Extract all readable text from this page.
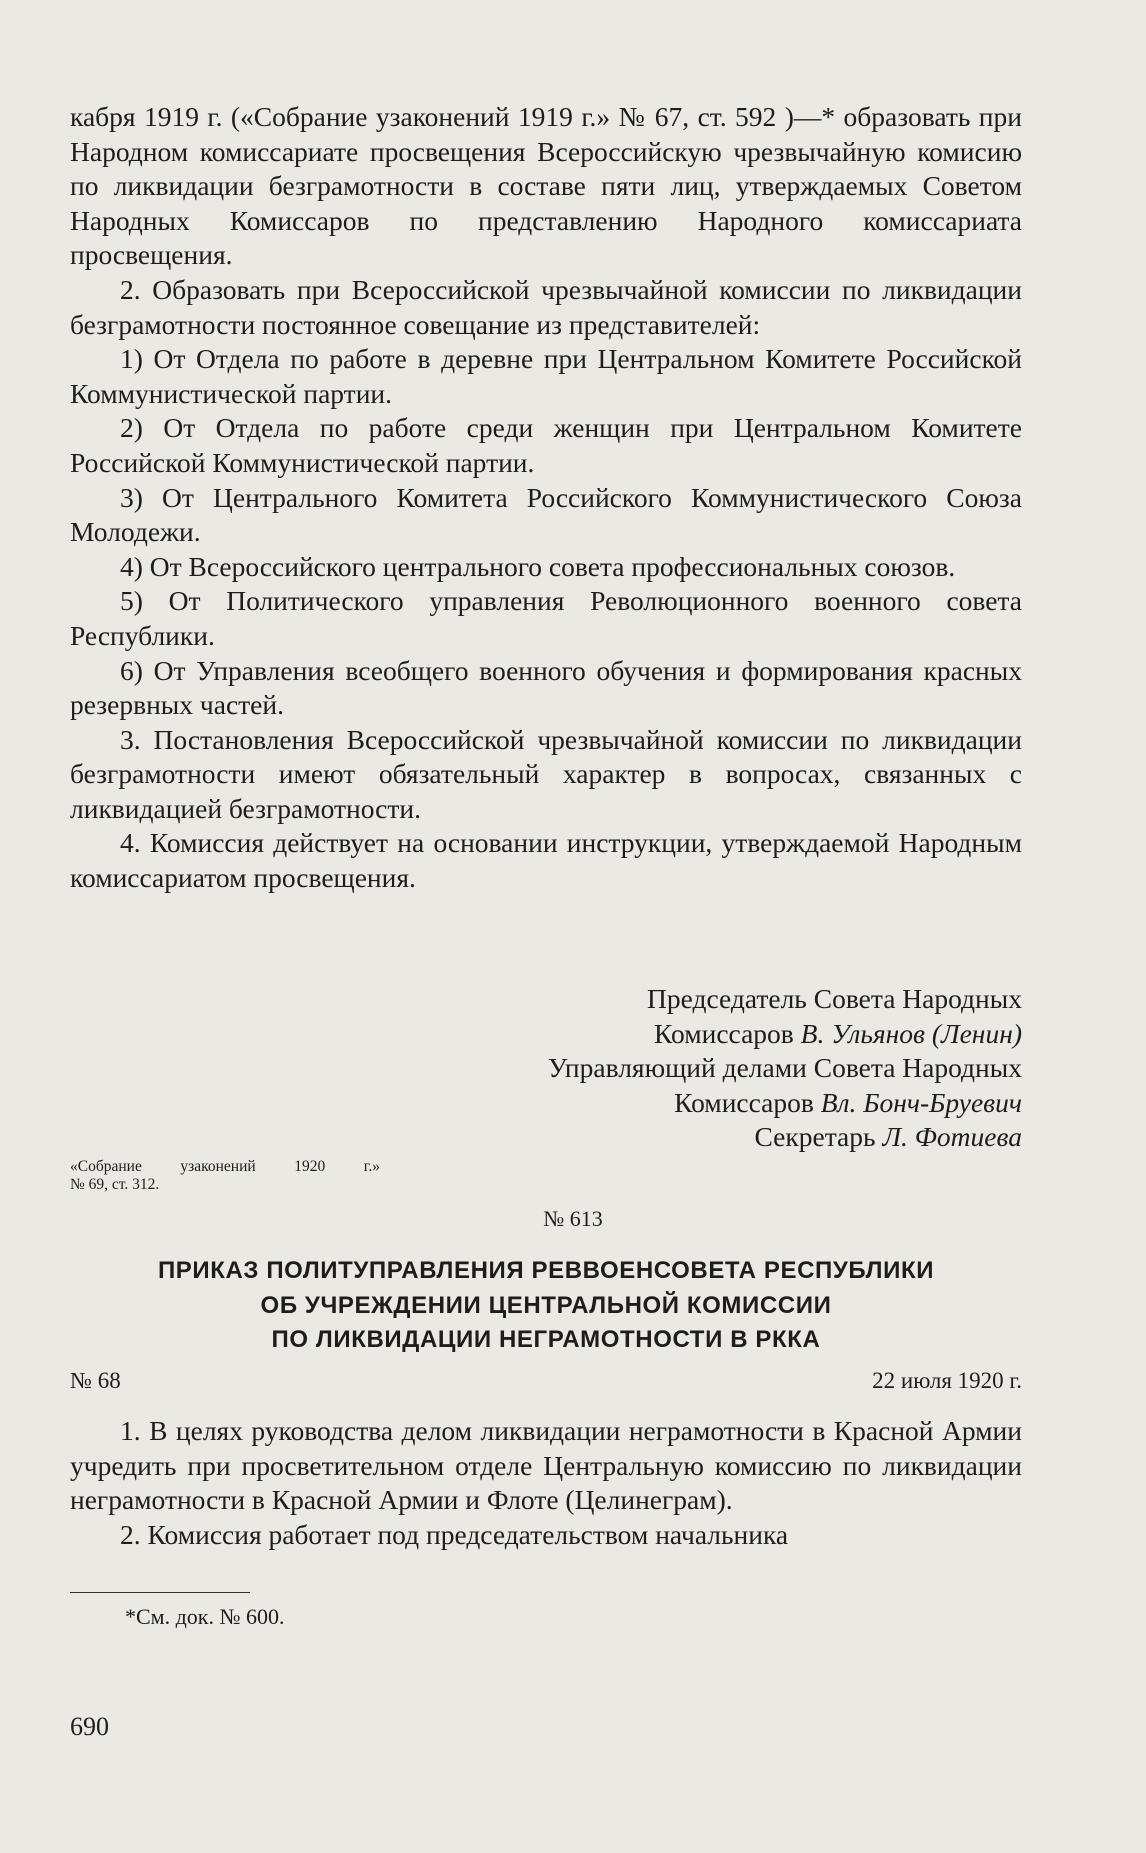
кабря 1919 г. («Собрание узаконений 1919 г.» № 67, ст. 592 )—* образовать при Народном комиссариате просвещения Всероссийскую чрезвычайную комисию по ликвидации безграмотности в составе пяти лиц, утверждаемых Советом Народных Комиссаров по представлению Народного комиссариата просвещения.

2. Образовать при Всероссийской чрезвычайной комиссии по ликвидации безграмотности постоянное совещание из представителей:

1) От Отдела по работе в деревне при Центральном Комитете Российской Коммунистической партии.

2) От Отдела по работе среди женщин при Центральном Комитете Российской Коммунистической партии.

3) От Центрального Комитета Российского Коммунистического Союза Молодежи.

4) От Всероссийского центрального совета профессиональных союзов.

5) От Политического управления Революционного военного совета Республики.

6) От Управления всеобщего военного обучения и формирования красных резервных частей.

3. Постановления Всероссийской чрезвычайной комиссии по ликвидации безграмотности имеют обязательный характер в вопросах, связанных с ликвидацией безграмотности.

4. Комиссия действует на основании инструкции, утверждаемой Народным комиссариатом просвещения.

Председатель Совета Народных
Комиссаров В. Ульянов (Ленин)
Управляющий делами Совета Народных
Комиссаров Вл. Бонч-Бруевич
Секретарь Л. Фотиева
«Собрание узаконений 1920 г.»
№ 69, ст. 312.
№ 613
ПРИКАЗ ПОЛИТУПРАВЛЕНИЯ РЕВВОЕНСОВЕТА РЕСПУБЛИКИ
ОБ УЧРЕЖДЕНИИ ЦЕНТРАЛЬНОЙ КОМИССИИ
ПО ЛИКВИДАЦИИ НЕГРАМОТНОСТИ В РККА
№ 68	22 июля 1920 г.

1. В целях руководства делом ликвидации неграмотности в Красной Армии учредить при просветительном отделе Центральную комиссию по ликвидации неграмотности в Красной Армии и Флоте (Целинеграм).

2. Комиссия работает под председательством начальника

*См. док. № 600.
690
